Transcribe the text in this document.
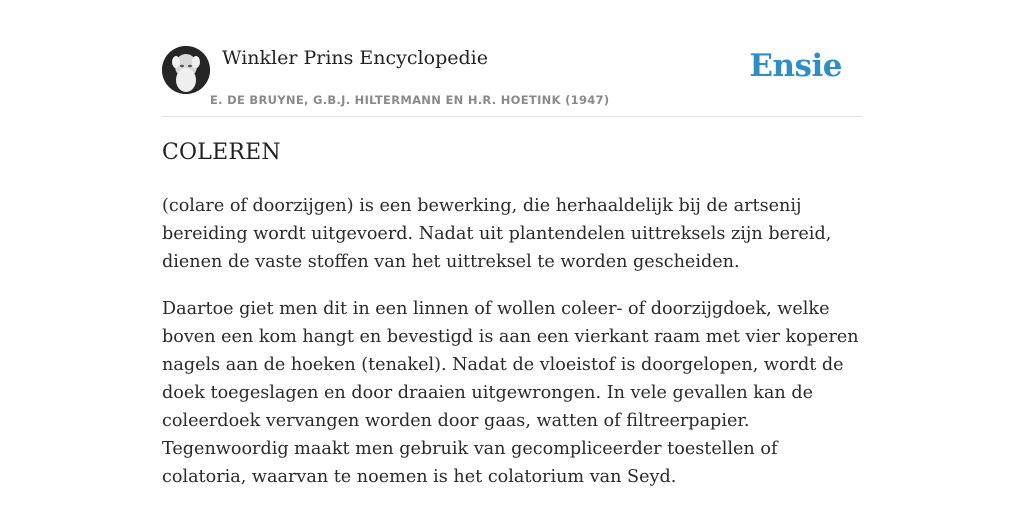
Winkler Prins Encyclopedie
E. DE BRUYNE, G.B.J. HILTERMANN EN H.R. HOETINK (1947)
Ensie
COLEREN

(colare of doorzijgen) is een bewerking, die herhaaldelijk bij de artsenij bereiding wordt uitgevoerd. Nadat uit plantendelen uittreksels zijn bereid, dienen de vaste stoffen van het uittreksel te worden gescheiden.

Daartoe giet men dit in een linnen of wollen coleer- of doorzijgdoek, welke boven een kom hangt en bevestigd is aan een vierkant raam met vier koperen nagels aan de hoeken (tenakel). Nadat de vloeistof is doorgelopen, wordt de doek toegeslagen en door draaien uitgewrongen. In vele gevallen kan de coleerdoek vervangen worden door gaas, watten of filtreerpapier. Tegenwoordig maakt men gebruik van gecompliceerder toestellen of colatoria, waarvan te noemen is het colatorium van Seyd.
